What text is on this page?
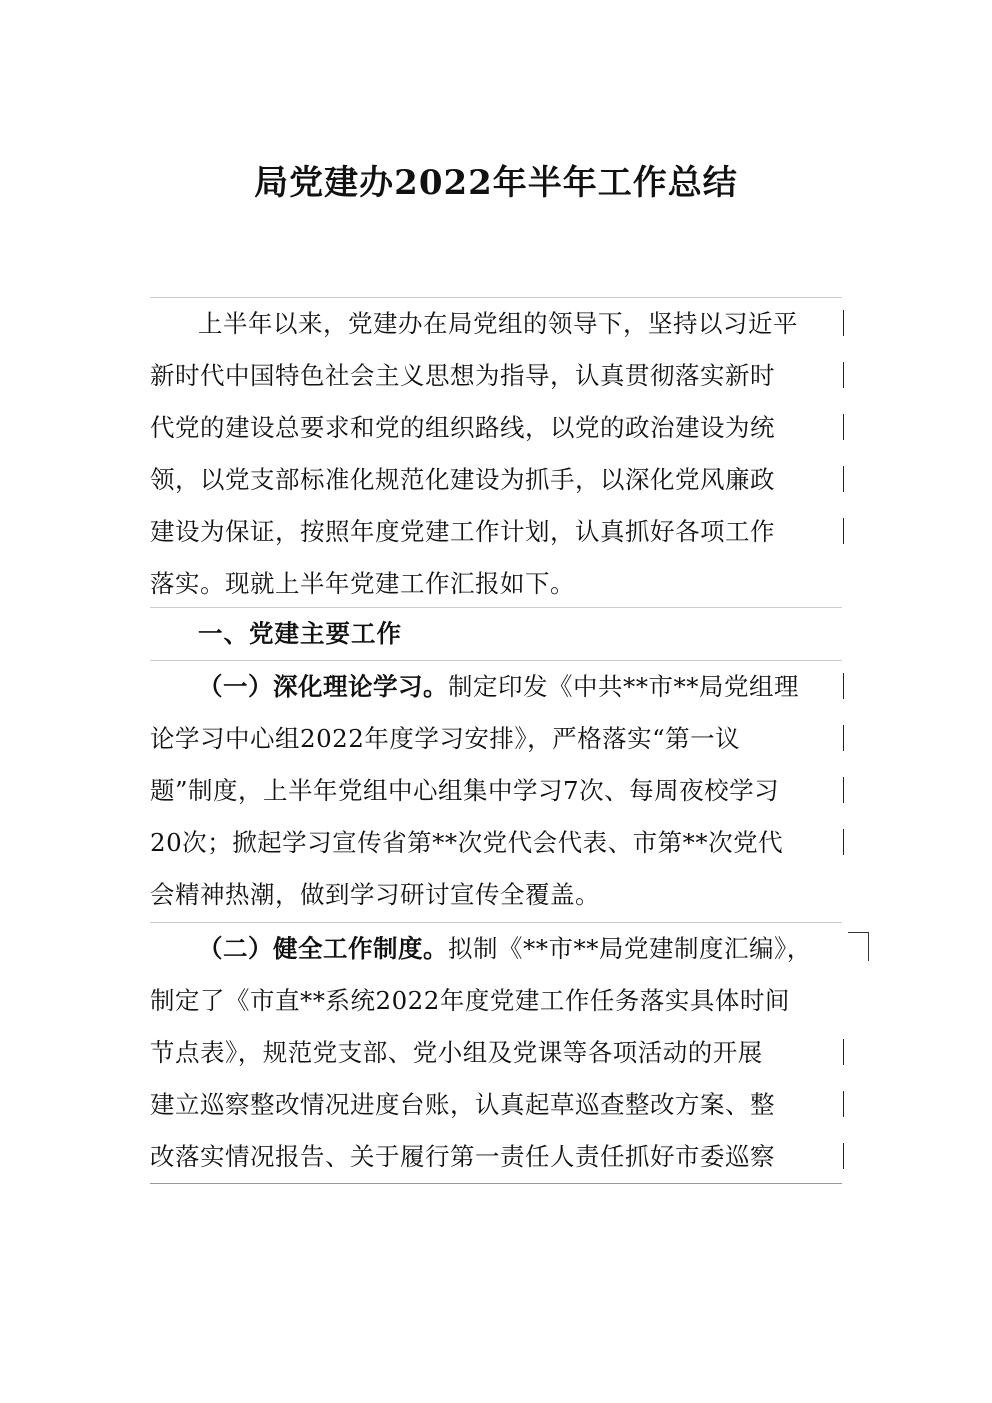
局党建办2022年半年工作总结
上半年以来，党建办在局党组的领导下，坚持以习近平
新时代中国特色社会主义思想为指导，认真贯彻落实新时
代党的建设总要求和党的组织路线，以党的政治建设为统
领，以党支部标准化规范化建设为抓手，以深化党风廉政
建设为保证，按照年度党建工作计划，认真抓好各项工作
落实。现就上半年党建工作汇报如下。
一、党建主要工作
（一）深化理论学习。制定印发《中共**市**局党组理
论学习中心组2022年度学习安排》，严格落实“第一议
题”制度，上半年党组中心组集中学习7次、每周夜校学习
20次；掀起学习宣传省第**次党代会代表、市第**次党代
会精神热潮，做到学习研讨宣传全覆盖。
（二）健全工作制度。拟制《**市**局党建制度汇编》，
制定了《市直**系统2022年度党建工作任务落实具体时间
节点表》，规范党支部、党小组及党课等各项活动的开展
建立巡察整改情况进度台账，认真起草巡查整改方案、整
改落实情况报告、关于履行第一责任人责任抓好市委巡察
